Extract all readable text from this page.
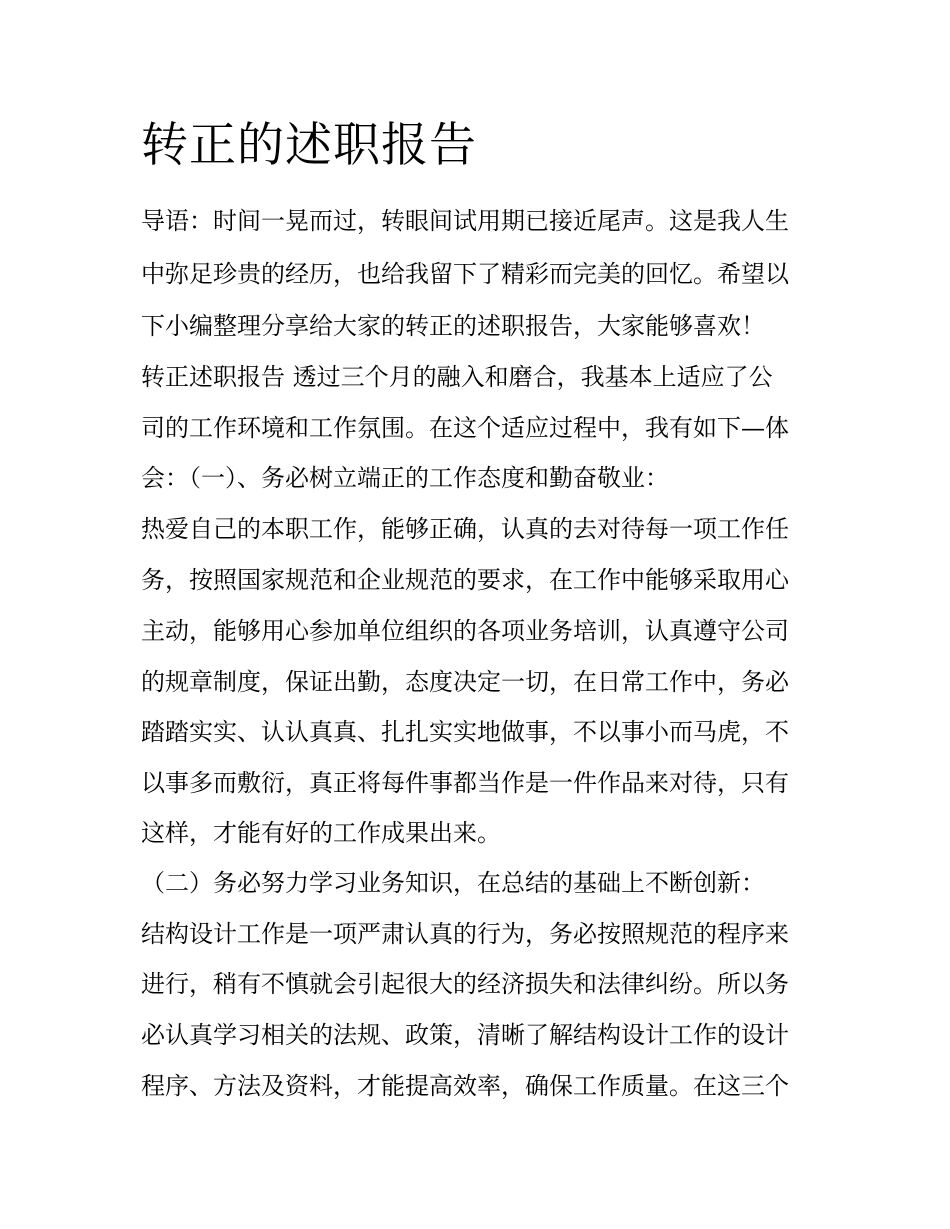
转正的述职报告

导语：时间一晃而过，转眼间试用期已接近尾声。这是我人生

中弥足珍贵的经历，也给我留下了精彩而完美的回忆。希望以

下小编整理分享给大家的转正的述职报告，大家能够喜欢！

转正述职报告 透过三个月的融入和磨合，我基本上适应了公

司的工作环境和工作氛围。在这个适应过程中，我有如下—体

会：（一）、务必树立端正的工作态度和勤奋敬业：

热爱自己的本职工作，能够正确，认真的去对待每一项工作任

务，按照国家规范和企业规范的要求，在工作中能够采取用心

主动，能够用心参加单位组织的各项业务培训，认真遵守公司

的规章制度，保证出勤，态度决定一切，在日常工作中，务必

踏踏实实、认认真真、扎扎实实地做事，不以事小而马虎，不

以事多而敷衍，真正将每件事都当作是一件作品来对待，只有

这样，才能有好的工作成果出来。

（二）务必努力学习业务知识，在总结的基础上不断创新：

结构设计工作是一项严肃认真的行为，务必按照规范的程序来

进行，稍有不慎就会引起很大的经济损失和法律纠纷。所以务

必认真学习相关的法规、政策，清晰了解结构设计工作的设计

程序、方法及资料，才能提高效率，确保工作质量。在这三个
